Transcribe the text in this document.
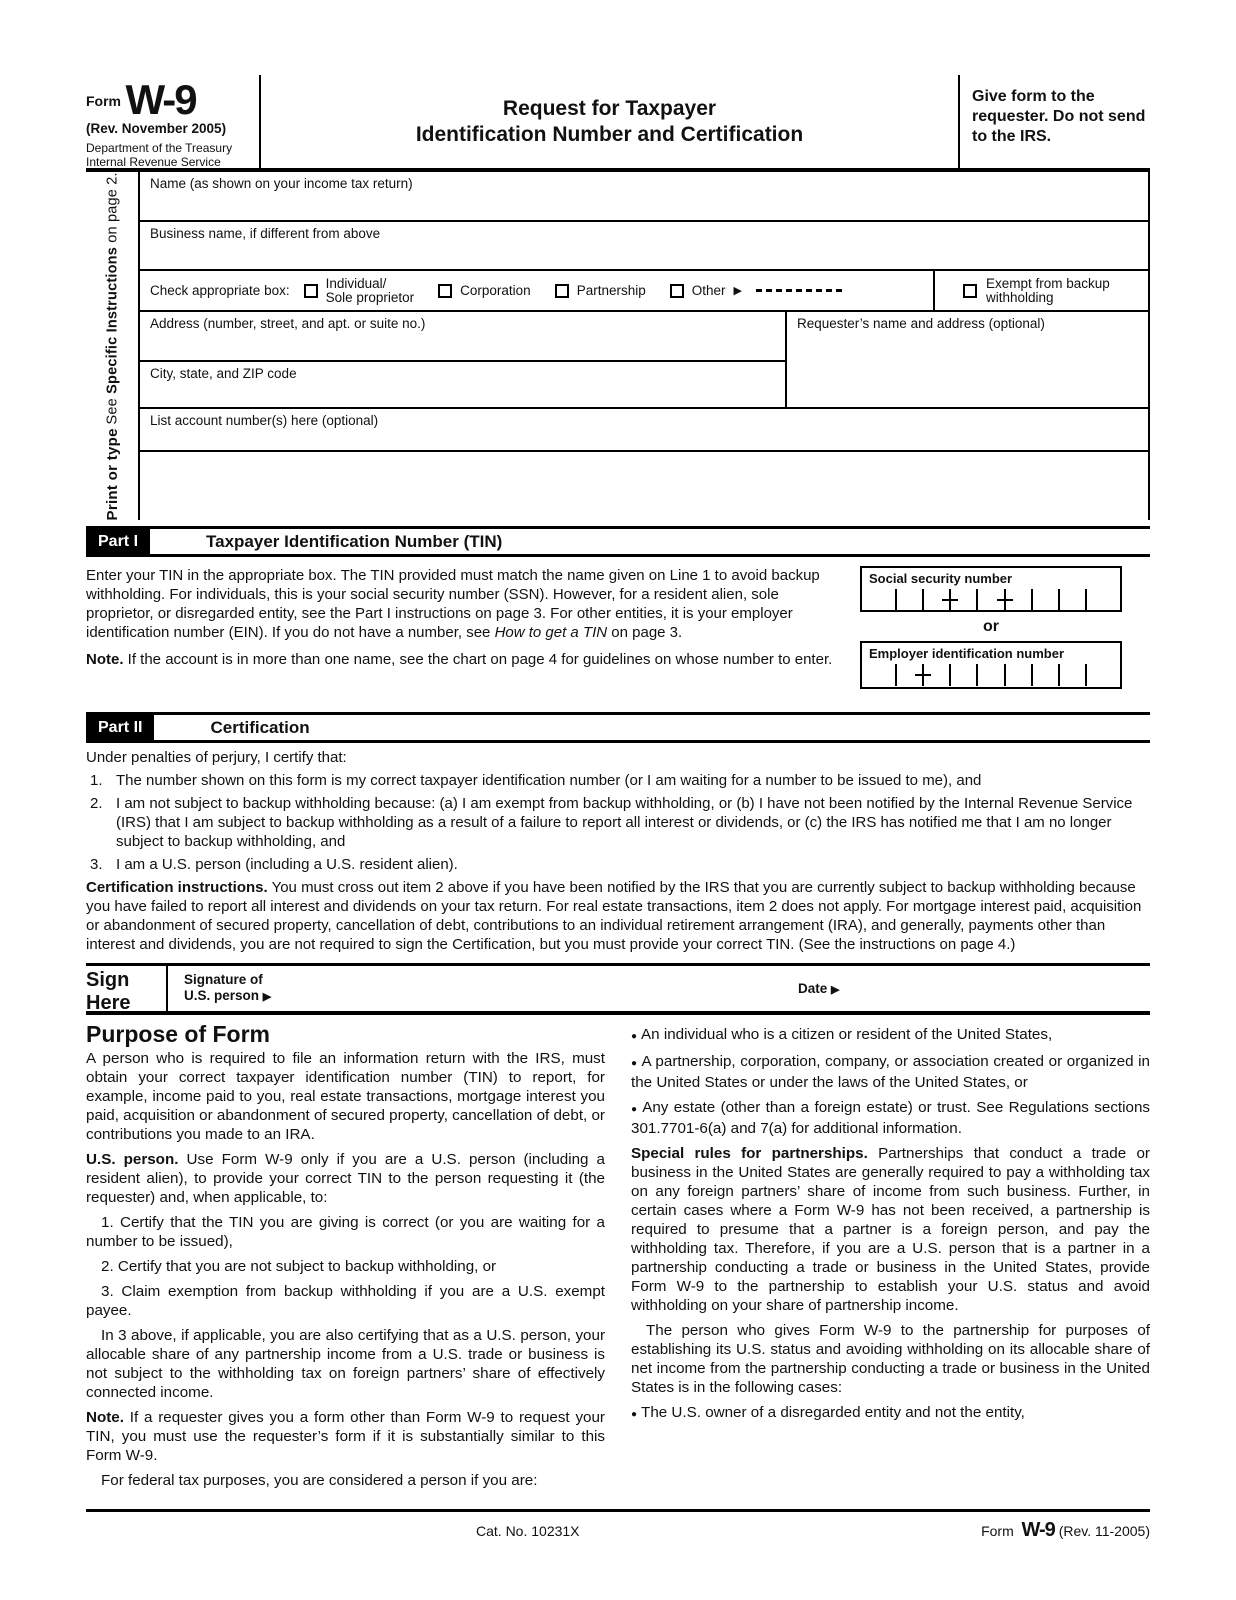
Form W-9
(Rev. November 2005)
Department of the Treasury
Internal Revenue Service
Request for Taxpayer
Identification Number and Certification
Give form to the requester. Do not send to the IRS.
Print or type
See Specific Instructions on page 2. Name (as shown on your income tax return)
Business name, if different from above
Check appropriate box:	Individual/
Sole proprietor	Corporation	Partnership	Other ▶
Exempt from backup
withholding
Address (number, street, and apt. or suite no.)
City, state, and ZIP code
Requester’s name and address (optional)
List account number(s) here (optional)
Part I	Taxpayer Identification Number (TIN)

Enter your TIN in the appropriate box. The TIN provided must match the name given on Line 1 to avoid backup withholding. For individuals, this is your social security number (SSN). However, for a resident alien, sole proprietor, or disregarded entity, see the Part I instructions on page 3. For other entities, it is your employer identification number (EIN). If you do not have a number, see How to get a TIN on page 3.

Note. If the account is in more than one name, see the chart on page 4 for guidelines on whose number to enter.

Social security number
or
Employer identification number
Part II	Certification

Under penalties of perjury, I certify that:

1. The number shown on this form is my correct taxpayer identification number (or I am waiting for a number to be issued to me), and
2. I am not subject to backup withholding because: (a) I am exempt from backup withholding, or (b) I have not been notified by the Internal Revenue Service (IRS) that I am subject to backup withholding as a result of a failure to report all interest or dividends, or (c) the IRS has notified me that I am no longer subject to backup withholding, and
3. I am a U.S. person (including a U.S. resident alien).

Certification instructions. You must cross out item 2 above if you have been notified by the IRS that you are currently subject to backup withholding because you have failed to report all interest and dividends on your tax return. For real estate transactions, item 2 does not apply. For mortgage interest paid, acquisition or abandonment of secured property, cancellation of debt, contributions to an individual retirement arrangement (IRA), and generally, payments other than interest and dividends, you are not required to sign the Certification, but you must provide your correct TIN. (See the instructions on page 4.)

Sign
Here
Signature of
U.S. person ▶
Date ▶
Purpose of Form

A person who is required to file an information return with the IRS, must obtain your correct taxpayer identification number (TIN) to report, for example, income paid to you, real estate transactions, mortgage interest you paid, acquisition or abandonment of secured property, cancellation of debt, or contributions you made to an IRA.

U.S. person. Use Form W-9 only if you are a U.S. person (including a resident alien), to provide your correct TIN to the person requesting it (the requester) and, when applicable, to:

1. Certify that the TIN you are giving is correct (or you are waiting for a number to be issued),

2. Certify that you are not subject to backup withholding, or

3. Claim exemption from backup withholding if you are a U.S. exempt payee.

In 3 above, if applicable, you are also certifying that as a U.S. person, your allocable share of any partnership income from a U.S. trade or business is not subject to the withholding tax on foreign partners’ share of effectively connected income.

Note. If a requester gives you a form other than Form W-9 to request your TIN, you must use the requester’s form if it is substantially similar to this Form W-9.

For federal tax purposes, you are considered a person if you are:

● An individual who is a citizen or resident of the United States,

● A partnership, corporation, company, or association created or organized in the United States or under the laws of the United States, or

● Any estate (other than a foreign estate) or trust. See Regulations sections 301.7701-6(a) and 7(a) for additional information.

Special rules for partnerships. Partnerships that conduct a trade or business in the United States are generally required to pay a withholding tax on any foreign partners’ share of income from such business. Further, in certain cases where a Form W-9 has not been received, a partnership is required to presume that a partner is a foreign person, and pay the withholding tax. Therefore, if you are a U.S. person that is a partner in a partnership conducting a trade or business in the United States, provide Form W-9 to the partnership to establish your U.S. status and avoid withholding on your share of partnership income.

The person who gives Form W-9 to the partnership for purposes of establishing its U.S. status and avoiding withholding on its allocable share of net income from the partnership conducting a trade or business in the United States is in the following cases:

● The U.S. owner of a disregarded entity and not the entity,

Cat. No. 10231X	Form W-9 (Rev. 11-2005)
